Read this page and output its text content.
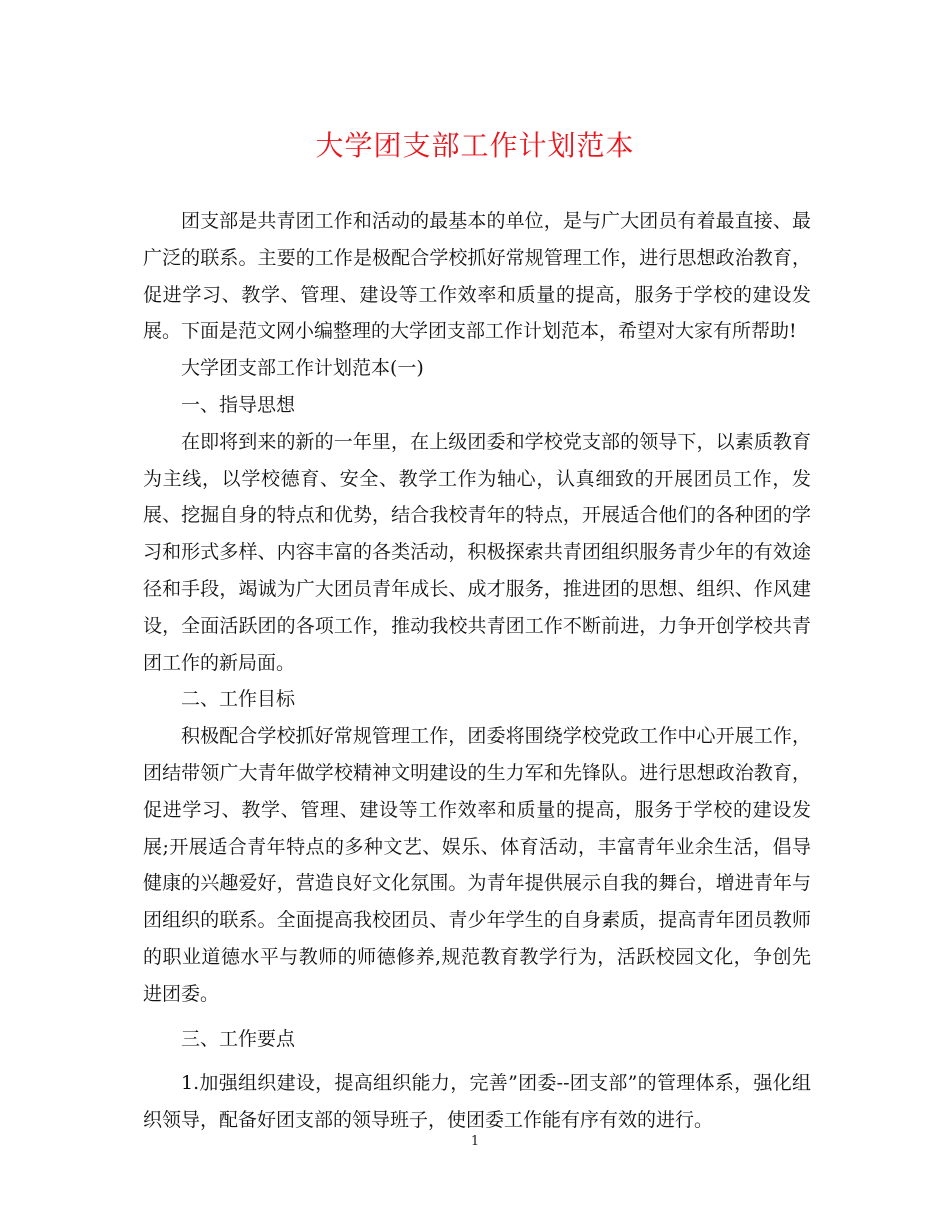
大学团支部工作计划范本

团支部是共青团工作和活动的最基本的单位，是与广大团员有着最直接、最广泛的联系。主要的工作是极配合学校抓好常规管理工作，进行思想政治教育，促进学习、教学、管理、建设等工作效率和质量的提高，服务于学校的建设发展。下面是范文网小编整理的大学团支部工作计划范本，希望对大家有所帮助!

大学团支部工作计划范本(一)

一、指导思想

在即将到来的新的一年里，在上级团委和学校党支部的领导下，以素质教育为主线，以学校德育、安全、教学工作为轴心，认真细致的开展团员工作，发展、挖掘自身的特点和优势，结合我校青年的特点，开展适合他们的各种团的学习和形式多样、内容丰富的各类活动，积极探索共青团组织服务青少年的有效途径和手段，竭诚为广大团员青年成长、成才服务，推进团的思想、组织、作风建设，全面活跃团的各项工作，推动我校共青团工作不断前进，力争开创学校共青团工作的新局面。

二、工作目标

积极配合学校抓好常规管理工作，团委将围绕学校党政工作中心开展工作，团结带领广大青年做学校精神文明建设的生力军和先锋队。进行思想政治教育，促进学习、教学、管理、建设等工作效率和质量的提高，服务于学校的建设发展;开展适合青年特点的多种文艺、娱乐、体育活动，丰富青年业余生活，倡导健康的兴趣爱好，营造良好文化氛围。为青年提供展示自我的舞台，增进青年与团组织的联系。全面提高我校团员、青少年学生的自身素质，提高青年团员教师的职业道德水平与教师的师德修养,规范教育教学行为，活跃校园文化，争创先进团委。

三、工作要点

1.加强组织建设，提高组织能力，完善”团委--团支部”的管理体系，强化组织领导，配备好团支部的领导班子，使团委工作能有序有效的进行。

1
